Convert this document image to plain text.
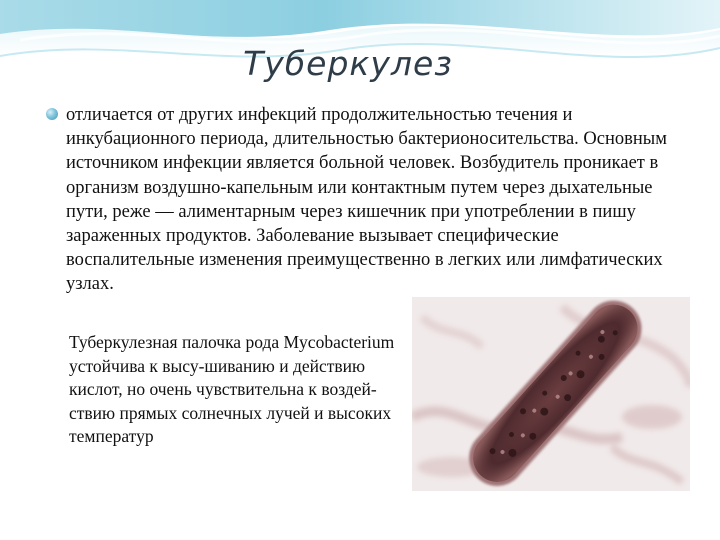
Туберкулез
отличается от других инфекций продолжительностью течения и инкубационного периода, длительностью бактерионосительства. Основным источником инфекции является больной человек. Возбудитель проникает в организм воздушно-капельным или контактным путем через дыхательные пути, реже — алиментарным через кишечник при употреблении в пишу зараженных продуктов. Заболевание вызывает специфические воспалительные изменения преимущественно в легких или лимфатических узлах.
Туберкулезная палочка рода Mycobacterium устойчива к высу-шиванию и действию кислот, но очень чувствительна к воздей-ствию прямых солнечных лучей и высоких температур
